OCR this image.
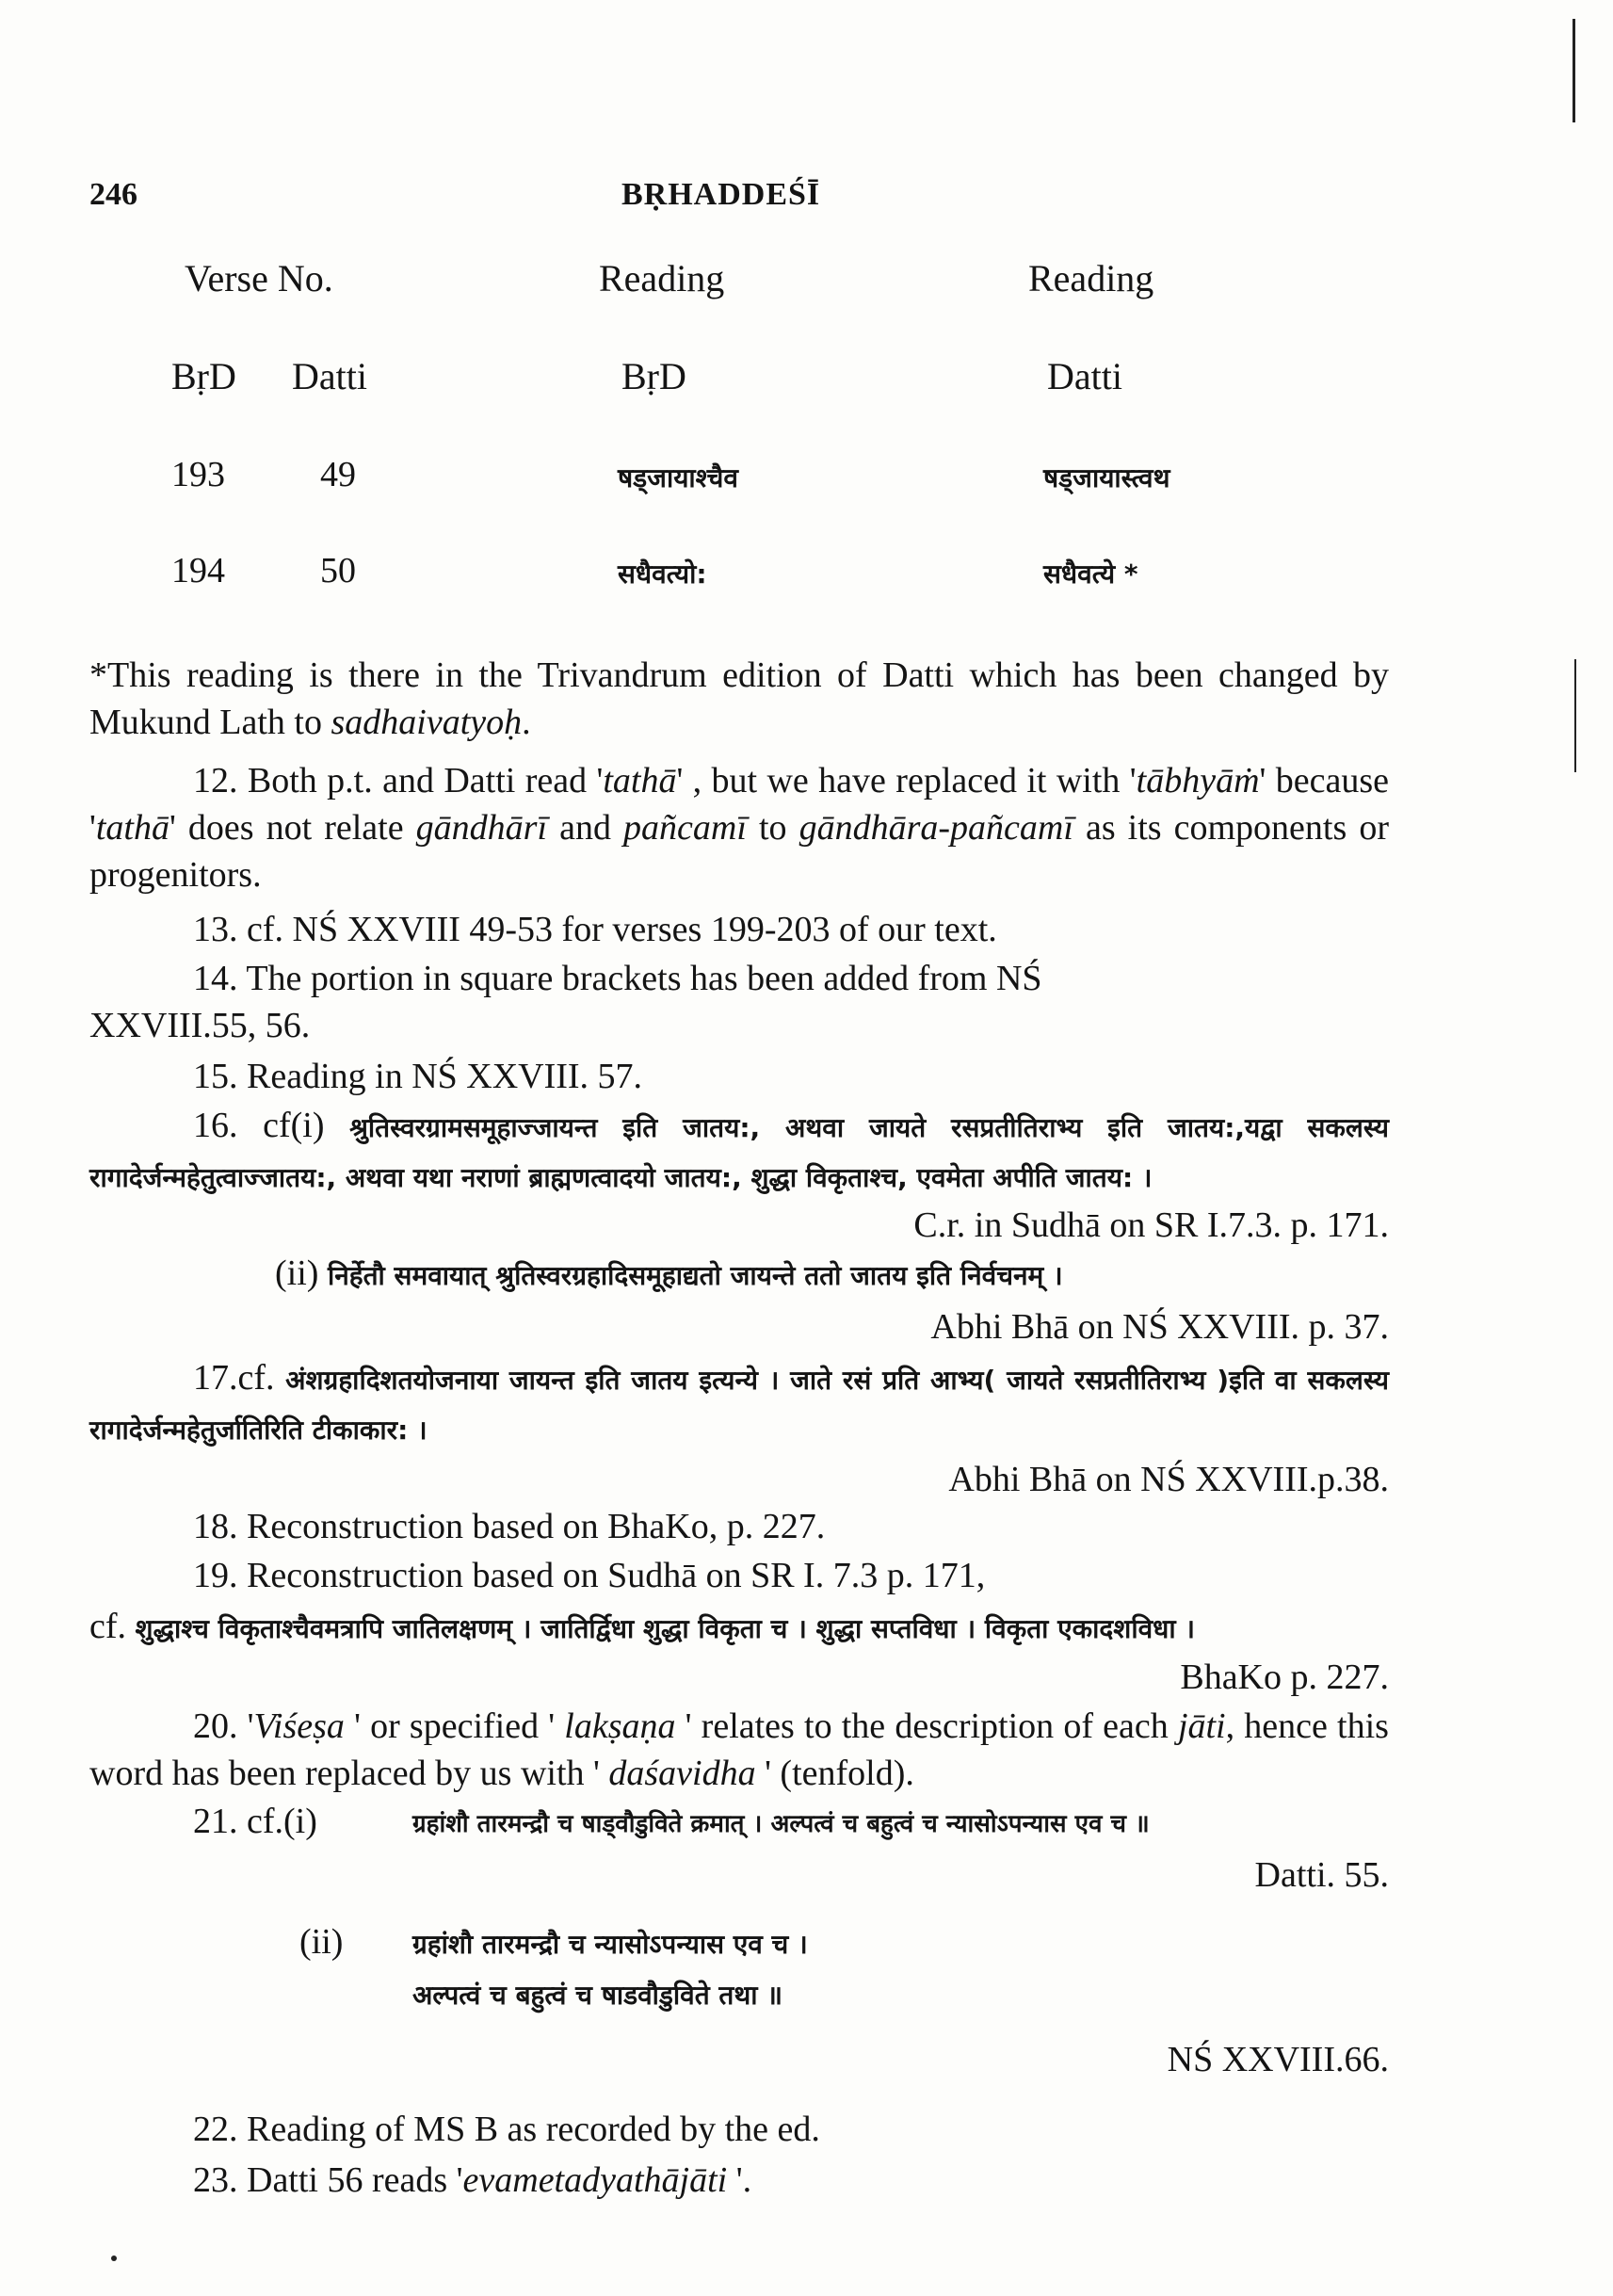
246	BṚHADDEŚĪ
Verse No.	Reading	Reading
BṛD Datti	BṛD	Datti
193	49	षड्जायाश्चैव	षड्जायास्त्वथ
194	50	सधैवत्यो:	सधैवत्ये *
*This reading is there in the Trivandrum edition of Datti which has been changed by Mukund Lath to sadhaivatyoḥ.
12. Both p.t. and Datti read 'tathā' , but we have replaced it with 'tābhyāṁ' because 'tathā' does not relate gāndhārī and pañcamī to gāndhāra-pañcamī as its components or progenitors.
13. cf. NŚ XXVIII 49-53 for verses 199-203 of our text.
14. The portion in square brackets has been added from NŚ XXVIII.55, 56.
15. Reading in NŚ XXVIII. 57.
16. cf(i) श्रुतिस्वरग्रामसमूहाज्जायन्त इति जातय:, अथवा जायते रसप्रतीतिराभ्य इति जातय:,यद्वा सकलस्य रागादेर्जन्महेतुत्वाज्जातय:, अथवा यथा नराणां ब्राह्मणत्वादयो जातय:, शुद्धा विकृताश्च, एवमेता अपीति जातय: ।
C.r. in Sudhā on SR I.7.3. p. 171.
(ii) निर्हेतौ समवायात् श्रुतिस्वरग्रहादिसमूहाद्यतो जायन्ते ततो जातय इति निर्वचनम् ।
Abhi Bhā on NŚ XXVIII. p. 37.
17.cf. अंशग्रहादिशतयोजनाया जायन्त इति जातय इत्यन्ये । जाते रसं प्रति आभ्य( जायते रसप्रतीतिराभ्य )इति वा सकलस्य रागादेर्जन्महेतुर्जातिरिति टीकाकार: ।
Abhi Bhā on NŚ XXVIII.p.38.
18. Reconstruction based on BhaKo, p. 227.
19. Reconstruction based on Sudhā on SR I. 7.3 p. 171,
cf. शुद्धाश्च विकृताश्चैवमत्रापि जातिलक्षणम् । जातिर्द्विधा शुद्धा विकृता च । शुद्धा सप्तविधा । विकृता एकादशविधा ।
BhaKo p. 227.
20. 'Viśeṣa ' or specified ' lakṣaṇa ' relates to the description of each jāti, hence this word has been replaced by us with ' daśavidha ' (tenfold).
21. cf.(i)	ग्रहांशौ तारमन्द्रौ च षाड्वौडुविते क्रमात् । अल्पत्वं च बहुत्वं च न्यासोऽपन्यास एव च ॥
Datti. 55.
(ii)	ग्रहांशौ तारमन्द्रौ च न्यासोऽपन्यास एव च ।
अल्पत्वं च बहुत्वं च षाडवौडुविते तथा ॥
NŚ XXVIII.66.
22. Reading of MS B as recorded by the ed.
23. Datti 56 reads 'evametadyathājāti '.
